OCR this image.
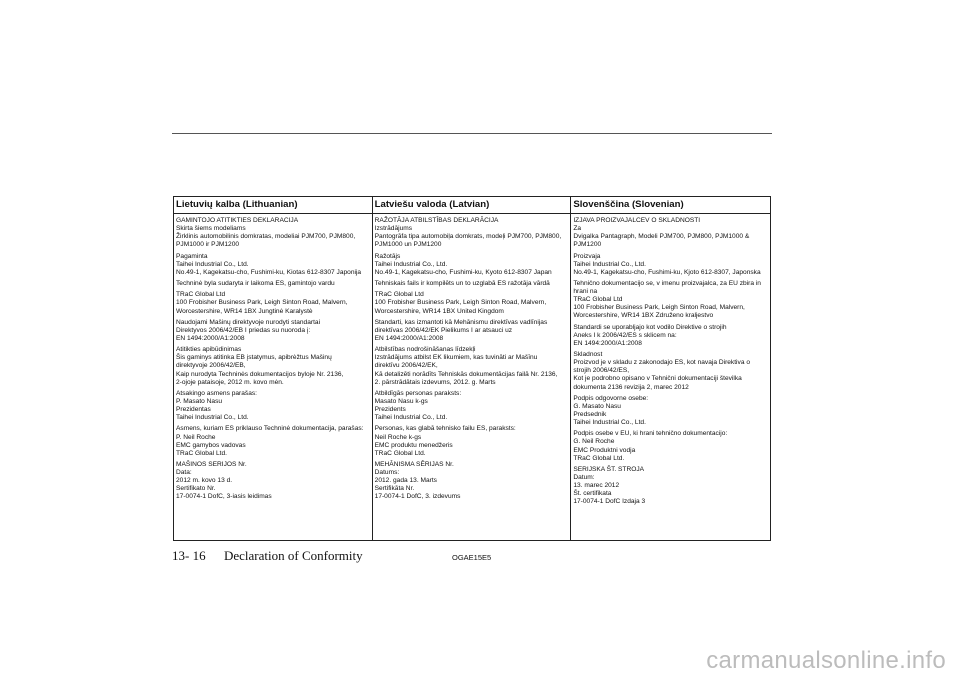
Lietuvių kalba (Lithuanian)
GAMINTOJO ATITIKTIES DEKLARACIJA
Skirta šiems modeliams
Žirklinis automobilinis domkratas, modeliai PJM700, PJM800,
PJM1000 ir PJM1200
Pagaminta
Taihei Industrial Co., Ltd.
No.49-1, Kagekatsu-cho, Fushimi-ku, Kiotas 612-8307 Japonija
Techninė byla sudaryta ir laikoma ES, gamintojo vardu
TRaC Global Ltd
100 Frobisher Business Park, Leigh Sinton Road, Malvern,
Worcestershire, WR14 1BX Jungtinė Karalystė
Naudojami Mašinų direktyvoje nurodyti standartai
Direktyvos 2006/42/EB I priedas su nuoroda į:
EN 1494:2000/A1:2008
Atitikties apibūdinimas
Šis gaminys atitinka EB įstatymus, apibrėžtus Mašinų
direktyvoje 2006/42/EB,
Kaip nurodyta Techninės dokumentacijos byloje Nr. 2136,
2-ojoje pataisoje, 2012 m. kovo mėn.
Atsakingo asmens parašas:
P. Masato Nasu
Prezidentas
Taihei Industrial Co., Ltd.
Asmens, kuriam ES priklauso Techninė dokumentacija, parašas:
P. Neil Roche
EMC gamybos vadovas
TRaC Global Ltd.
MAŠINOS SERIJOS Nr.
Data:
2012 m. kovo 13 d.
Sertifikato Nr.
17-0074-1 DofC, 3-iasis leidimas
Latviešu valoda (Latvian)
RAŽOTĀJA ATBILSTĪBAS DEKLARĀCIJA
Izstrādājums
Pantogrāfa tipa automobiļa domkrats, modeļi PJM700, PJM800,
PJM1000 un PJM1200
Ražotājs
Taihei Industrial Co., Ltd.
No.49-1, Kagekatsu-cho, Fushimi-ku, Kyoto 612-8307 Japan
Tehniskais fails ir kompilēts un to uzglabā ES ražotāja vārdā
TRaC Global Ltd
100 Frobisher Business Park, Leigh Sinton Road, Malvern,
Worcestershire, WR14 1BX United Kingdom
Standarti, kas izmantoti kā Mehānismu direktīvas vadlīnijas
direktīvas 2006/42/EK Pielikums I ar atsauci uz
EN 1494:2000/A1:2008
Atbilstības nodrošināšanas līdzekļi
Izstrādājums atbilst EK likumiem, kas tuvināti ar Mašīnu
direktīvu 2006/42/EK,
Kā detalizēti norādīts Tehniskās dokumentācijas failā Nr. 2136,
2. pārstrādātais izdevums, 2012. g. Marts
Atbildīgās personas paraksts:
Masato Nasu k-gs
Prezidents
Taihei Industrial Co., Ltd.
Personas, kas glabā tehnisko failu ES, paraksts:
Neil Roche k-gs
EMC produktu menedžeris
TRaC Global Ltd.
MEHĀNISMA SĒRIJAS Nr.
Datums:
2012. gada 13. Marts
Sertifikāta Nr.
17-0074-1 DofC, 3. izdevums
Slovenščina (Slovenian)
IZJAVA PROIZVAJALCEV O SKLADNOSTI
Za
Dvigalka Pantagraph, Modeli PJM700, PJM800, PJM1000 &
PJM1200
Proizvaja
Taihei Industrial Co., Ltd.
No.49-1, Kagekatsu-cho, Fushimi-ku, Kjoto 612-8307, Japonska
Tehnično dokumentacijo se, v imenu proizvajalca, za EU zbira in
hrani na
TRaC Global Ltd
100 Frobisher Business Park, Leigh Sinton Road, Malvern,
Worcestershire, WR14 1BX Združeno kraljestvo
Standardi se uporabljajo kot vodilo Direktive o strojih
Aneks I k 2006/42/ES s sklicem na:
EN 1494:2000/A1:2008
Skladnost
Proizvod je v skladu z zakonodajo ES, kot navaja Direktiva o
strojih 2006/42/ES,
Kot je podrobno opisano v Tehnični dokumentaciji številka
dokumenta 2136 revizija 2, marec 2012
Podpis odgovorne osebe:
G. Masato Nasu
Predsednik
Taihei Industrial Co., Ltd.
Podpis osebe v EU, ki hrani tehnično dokumentacijo:
G. Neil Roche
EMC Produktni vodja
TRaC Global Ltd.
SERIJSKA ŠT. STROJA
Datum:
13. marec 2012
Št. certifikata
17-0074-1 DofC Izdaja 3
13- 16 Declaration of Conformity	OGAE15E5
carmanualsonline.info
